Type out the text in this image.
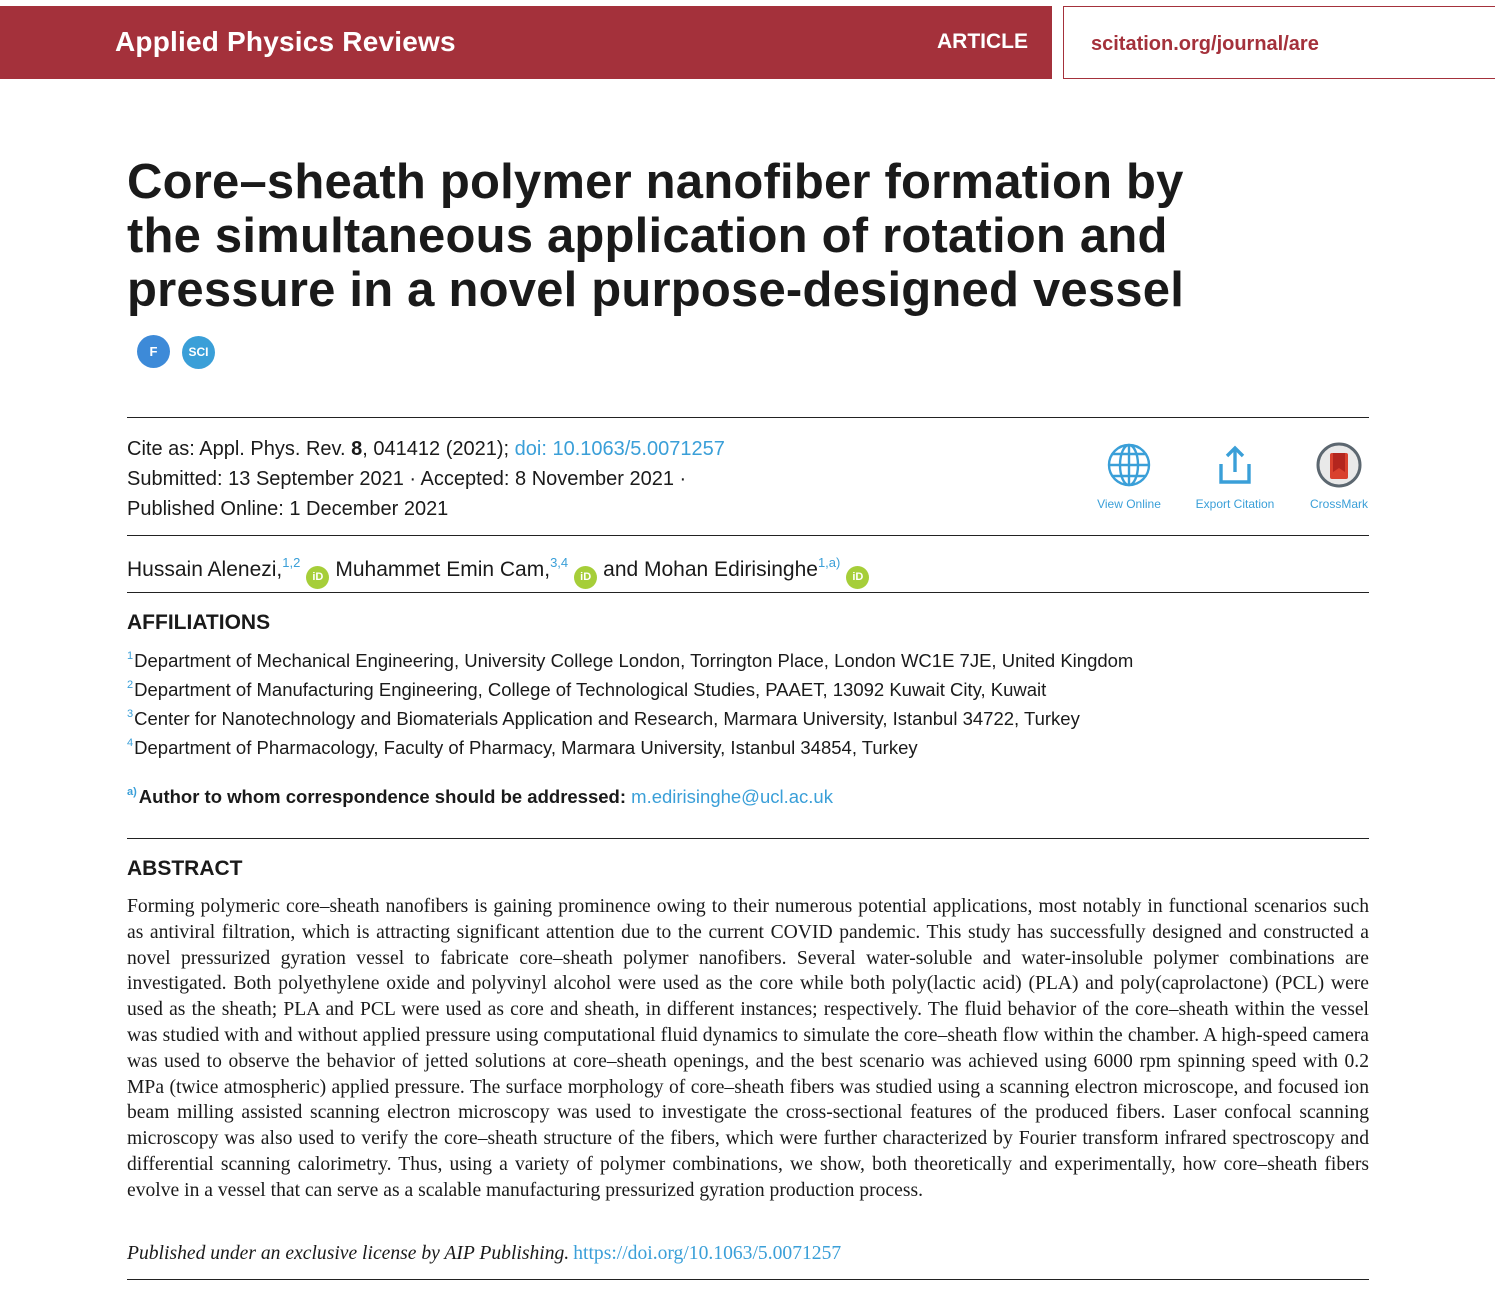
Applied Physics Reviews	ARTICLE	scitation.org/journal/are
Core–sheath polymer nanofiber formation by the simultaneous application of rotation and pressure in a novel purpose-designed vesselF	SCI
Cite as: Appl. Phys. Rev. 8, 041412 (2021); doi: 10.1063/5.0071257
Submitted: 13 September 2021 · Accepted: 8 November 2021 ·
Published Online: 1 December 2021	View Online	Export Citation	CrossMark
Hussain Alenezi,$^{1,2}$iD Muhammet Emin Cam,$^{3,4}$iD and Mohan Edirisinghe$^{1,a)}$iD
AFFILIATIONS
$^1$Department of Mechanical Engineering, University College London, Torrington Place, London WC1E 7JE, United Kingdom
$^2$Department of Manufacturing Engineering, College of Technological Studies, PAAET, 13092 Kuwait City, Kuwait
$^3$Center for Nanotechnology and Biomaterials Application and Research, Marmara University, Istanbul 34722, Turkey
$^4$Department of Pharmacology, Faculty of Pharmacy, Marmara University, Istanbul 34854, Turkey
$^{a)}$ Author to whom correspondence should be addressed: m.edirisinghe@ucl.ac.uk
ABSTRACT

Forming polymeric core–sheath nanofibers is gaining prominence owing to their numerous potential applications, most notably in functional scenarios such as antiviral filtration, which is attracting significant attention due to the current COVID pandemic. This study has successfully designed and constructed a novel pressurized gyration vessel to fabricate core–sheath polymer nanofibers. Several water-soluble and water-insoluble polymer combinations are investigated. Both polyethylene oxide and polyvinyl alcohol were used as the core while both poly(lactic acid) (PLA) and poly(caprolactone) (PCL) were used as the sheath; PLA and PCL were used as core and sheath, in different instances; respectively. The fluid behavior of the core–sheath within the vessel was studied with and without applied pressure using computational fluid dynamics to simulate the core–sheath flow within the chamber. A high-speed camera was used to observe the behavior of jetted solutions at core–sheath openings, and the best scenario was achieved using 6000 rpm spinning speed with 0.2 MPa (twice atmospheric) applied pressure. The surface morphology of core–sheath fibers was studied using a scanning electron microscope, and focused ion beam milling assisted scanning electron microscopy was used to investigate the cross-sectional features of the produced fibers. Laser confocal scanning microscopy was also used to verify the core–sheath structure of the fibers, which were further characterized by Fourier transform infrared spectroscopy and differential scanning calorimetry. Thus, using a variety of polymer combinations, we show, both theoretically and experimentally, how core–sheath fibers evolve in a vessel that can serve as a scalable manufacturing pressurized gyration production process.

Published under an exclusive license by AIP Publishing. https://doi.org/10.1063/5.0071257
